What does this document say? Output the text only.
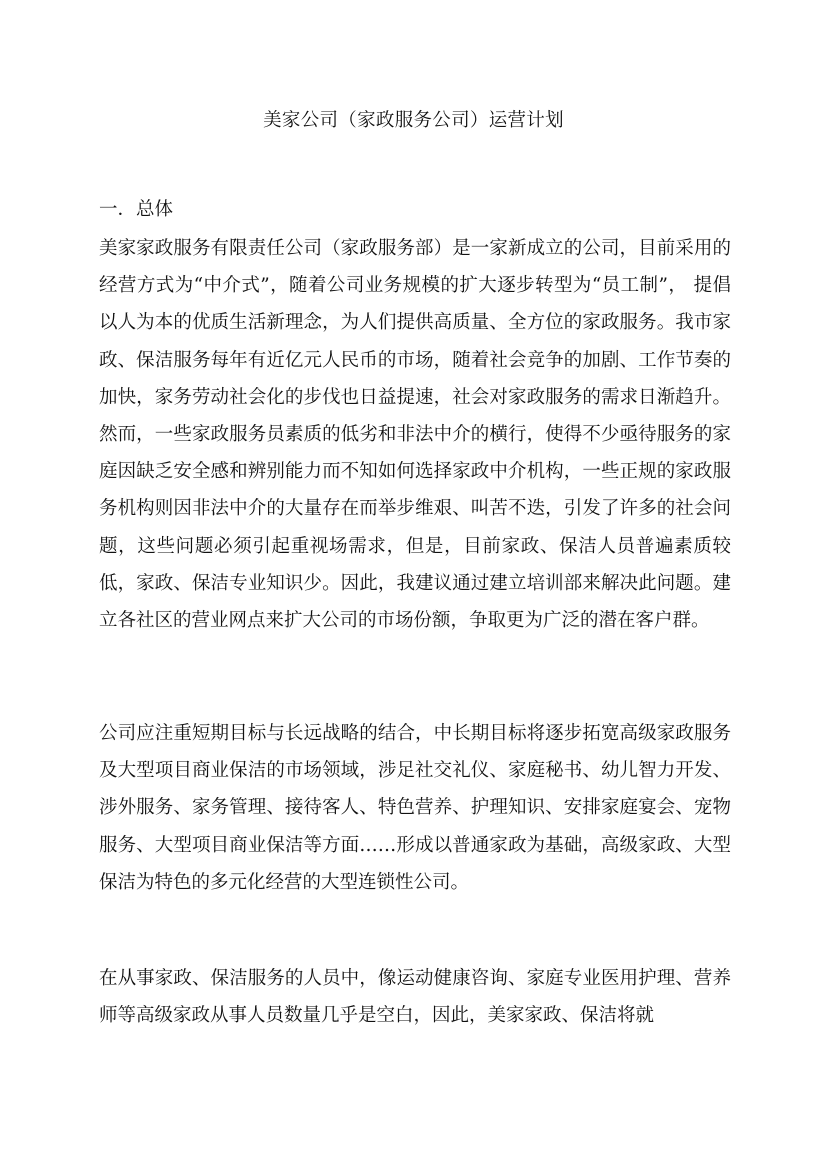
美家公司（家政服务公司）运营计划
一．总体

美家家政服务有限责任公司（家政服务部）是一家新成立的公司，目前采用的经营方式为“中介式”，随着公司业务规模的扩大逐步转型为“员工制”， 提倡以人为本的优质生活新理念，为人们提供高质量、全方位的家政服务。我市家政、保洁服务每年有近亿元人民币的市场，随着社会竞争的加剧、工作节奏的加快，家务劳动社会化的步伐也日益提速，社会对家政服务的需求日渐趋升。然而，一些家政服务员素质的低劣和非法中介的横行，使得不少亟待服务的家庭因缺乏安全感和辨别能力而不知如何选择家政中介机构，一些正规的家政服务机构则因非法中介的大量存在而举步维艰、叫苦不迭，引发了许多的社会问题，这些问题必须引起重视场需求，但是，目前家政、保洁人员普遍素质较低，家政、保洁专业知识少。因此，我建议通过建立培训部来解决此问题。建立各社区的营业网点来扩大公司的市场份额，争取更为广泛的潜在客户群。

公司应注重短期目标与长远战略的结合，中长期目标将逐步拓宽高级家政服务及大型项目商业保洁的市场领域，涉足社交礼仪、家庭秘书、幼儿智力开发、涉外服务、家务管理、接待客人、特色营养、护理知识、安排家庭宴会、宠物服务、大型项目商业保洁等方面……形成以普通家政为基础，高级家政、大型保洁为特色的多元化经营的大型连锁性公司。

在从事家政、保洁服务的人员中，像运动健康咨询、家庭专业医用护理、营养师等高级家政从事人员数量几乎是空白，因此，美家家政、保洁将就
